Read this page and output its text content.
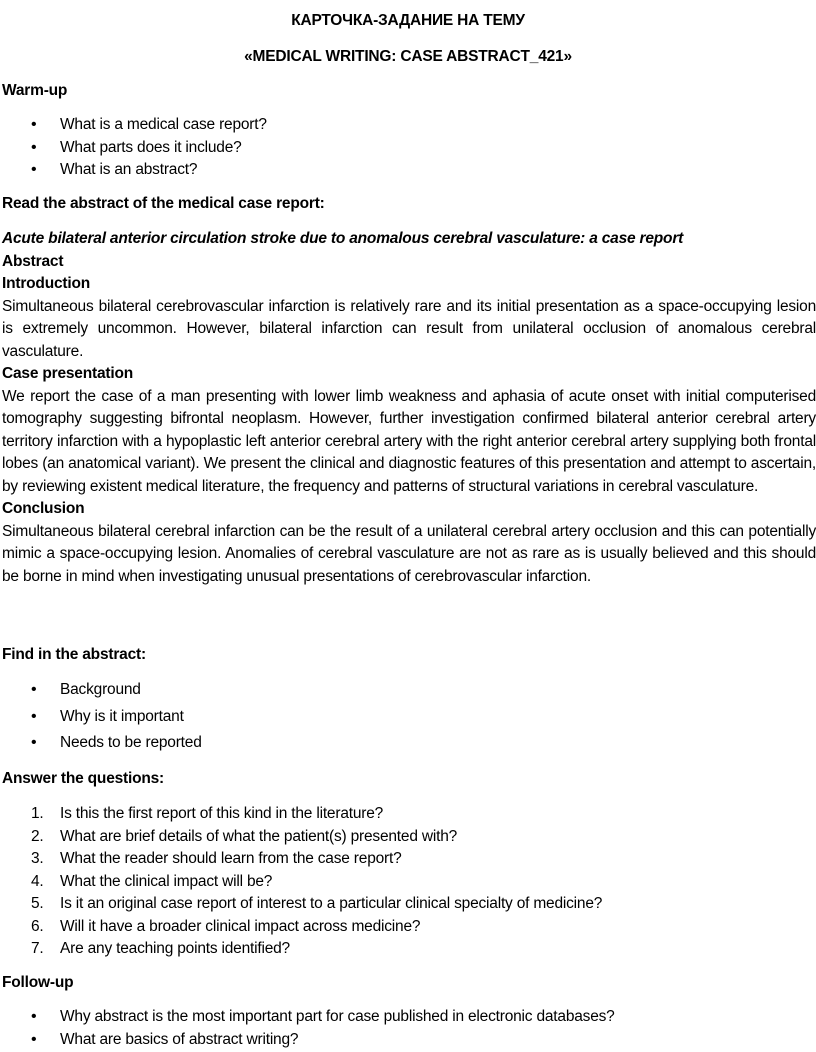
КАРТОЧКА-ЗАДАНИЕ НА ТЕМУ
«MEDICAL WRITING: CASE ABSTRACT_421»
Warm-up
• What is a medical case report?
• What parts does it include?
• What is an abstract?
Read the abstract of the medical case report:
Acute bilateral anterior circulation stroke due to anomalous cerebral vasculature: a case report
Abstract
Introduction
Simultaneous bilateral cerebrovascular infarction is relatively rare and its initial presentation as a space-occupying lesion is extremely uncommon. However, bilateral infarction can result from unilateral occlusion of anomalous cerebral vasculature.
Case presentation
We report the case of a man presenting with lower limb weakness and aphasia of acute onset with initial computerised tomography suggesting bifrontal neoplasm. However, further investigation confirmed bilateral anterior cerebral artery territory infarction with a hypoplastic left anterior cerebral artery with the right anterior cerebral artery supplying both frontal lobes (an anatomical variant). We present the clinical and diagnostic features of this presentation and attempt to ascertain, by reviewing existent medical literature, the frequency and patterns of structural variations in cerebral vasculature.
Conclusion
Simultaneous bilateral cerebral infarction can be the result of a unilateral cerebral artery occlusion and this can potentially mimic a space-occupying lesion. Anomalies of cerebral vasculature are not as rare as is usually believed and this should be borne in mind when investigating unusual presentations of cerebrovascular infarction.
Find in the abstract:
• Background
• Why is it important
• Needs to be reported
Answer the questions:
1. Is this the first report of this kind in the literature?
2. What are brief details of what the patient(s) presented with?
3. What the reader should learn from the case report?
4. What the clinical impact will be?
5. Is it an original case report of interest to a particular clinical specialty of medicine?
6. Will it have a broader clinical impact across medicine?
7. Are any teaching points identified?
Follow-up
• Why abstract is the most important part for case published in electronic databases?
• What are basics of abstract writing?
